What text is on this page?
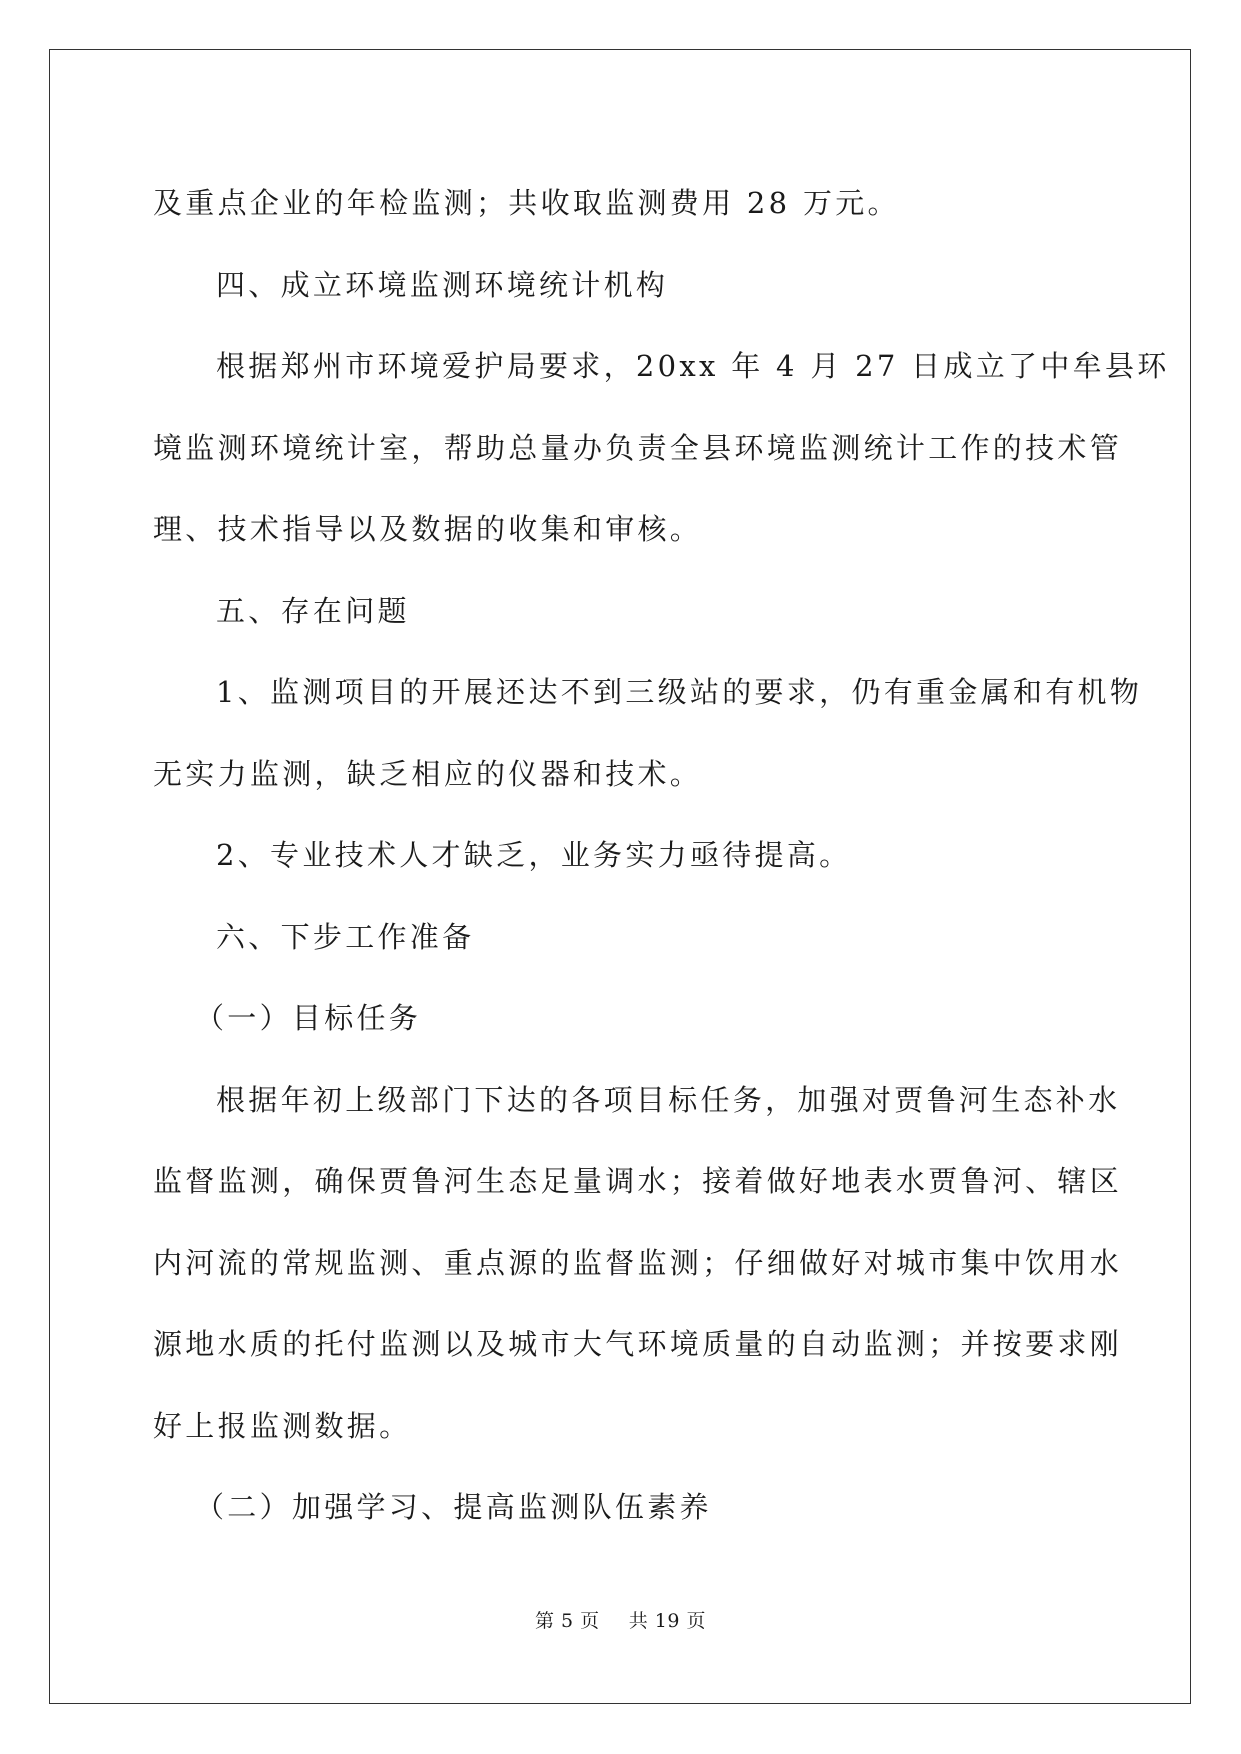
及重点企业的年检监测；共收取监测费用 28 万元。

四、成立环境监测环境统计机构

根据郑州市环境爱护局要求，20xx 年 4 月 27 日成立了中牟县环

境监测环境统计室，帮助总量办负责全县环境监测统计工作的技术管

理、技术指导以及数据的收集和审核。

五、存在问题

1、监测项目的开展还达不到三级站的要求，仍有重金属和有机物

无实力监测，缺乏相应的仪器和技术。

2、专业技术人才缺乏，业务实力亟待提高。

六、下步工作准备

（一）目标任务

根据年初上级部门下达的各项目标任务，加强对贾鲁河生态补水

监督监测，确保贾鲁河生态足量调水；接着做好地表水贾鲁河、辖区

内河流的常规监测、重点源的监督监测；仔细做好对城市集中饮用水

源地水质的托付监测以及城市大气环境质量的自动监测；并按要求刚

好上报监测数据。

（二）加强学习、提高监测队伍素养

第 5 页 共 19 页
